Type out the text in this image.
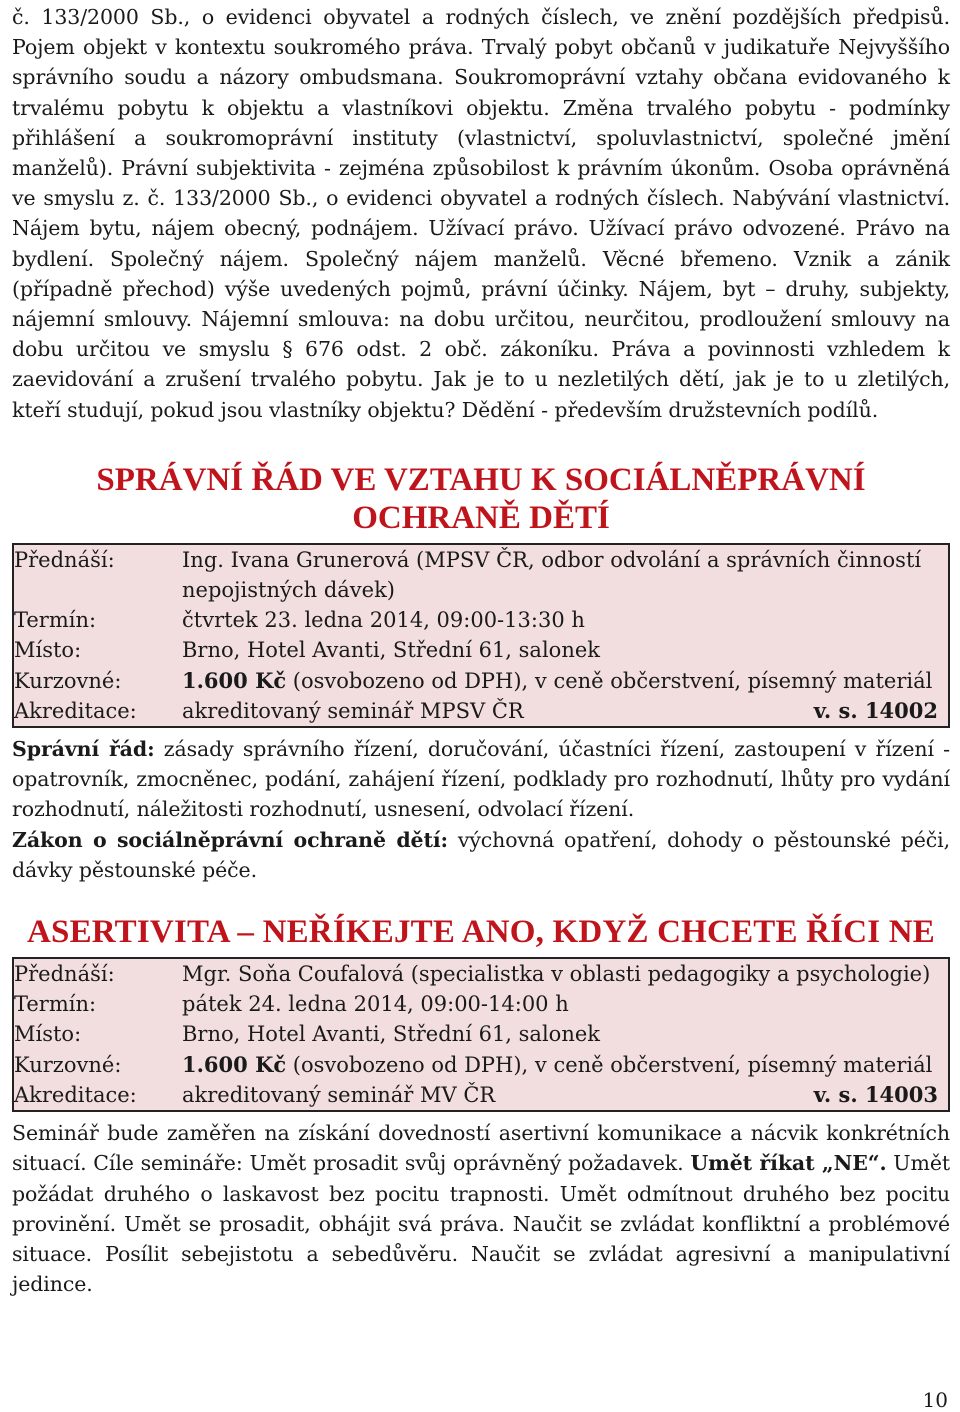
č. 133/2000 Sb., o evidenci obyvatel a rodných číslech, ve znění pozdějších předpisů. Pojem objekt v kontextu soukromého práva. Trvalý pobyt občanů v judikatuře Nejvyššího správního soudu a názory ombudsmana. Soukromoprávní vztahy občana evidovaného k trvalému pobytu k objektu a vlastníkovi objektu. Změna trvalého pobytu - podmínky přihlášení a soukromoprávní instituty (vlastnictví, spoluvlastnictví, společné jmění manželů). Právní subjektivita - zejména způsobilost k právním úkonům. Osoba oprávněná ve smyslu z. č. 133/2000 Sb., o evidenci obyvatel a rodných číslech. Nabývání vlastnictví. Nájem bytu, nájem obecný, podnájem. Užívací právo. Užívací právo odvozené. Právo na bydlení. Společný nájem. Společný nájem manželů. Věcné břemeno. Vznik a zánik (případně přechod) výše uvedených pojmů, právní účinky. Nájem, byt – druhy, subjekty, nájemní smlouvy. Nájemní smlouva: na dobu určitou, neurčitou, prodloužení smlouvy na dobu určitou ve smyslu § 676 odst. 2 obč. zákoníku. Práva a povinnosti vzhledem k zaevidování a zrušení trvalého pobytu. Jak je to u nezletilých dětí, jak je to u zletilých, kteří studují, pokud jsou vlastníky objektu? Dědění - především družstevních podílů.

SPRÁVNÍ ŘÁD VE VZTAHU K SOCIÁLNĚPRÁVNÍ
OCHRANĚ DĚTÍ
Přednáší:	Ing. Ivana Grunerová (MPSV ČR, odbor odvolání a správních činností nepojistných dávek)
Termín:	čtvrtek 23. ledna 2014, 09:00-13:30 h
Místo:	Brno, Hotel Avanti, Střední 61, salonek
Kurzovné:	1.600 Kč (osvobozeno od DPH), v ceně občerstvení, písemný materiál
Akreditace:	akreditovaný seminář MPSV ČR	v. s. 14002

Správní řád: zásady správního řízení, doručování, účastníci řízení, zastoupení v řízení - opatrovník, zmocněnec, podání, zahájení řízení, podklady pro rozhodnutí, lhůty pro vydání rozhodnutí, náležitosti rozhodnutí, usnesení, odvolací řízení.
Zákon o sociálněprávní ochraně dětí: výchovná opatření, dohody o pěstounské péči, dávky pěstounské péče.

ASERTIVITA – NEŘÍKEJTE ANO, KDYŽ CHCETE ŘÍCI NE
Přednáší:	Mgr. Soňa Coufalová (specialistka v oblasti pedagogiky a psychologie)
Termín:	pátek 24. ledna 2014, 09:00-14:00 h
Místo:	Brno, Hotel Avanti, Střední 61, salonek
Kurzovné:	1.600 Kč (osvobozeno od DPH), v ceně občerstvení, písemný materiál
Akreditace:	akreditovaný seminář MV ČR	v. s. 14003

Seminář bude zaměřen na získání dovedností asertivní komunikace a nácvik konkrétních situací. Cíle semináře: Umět prosadit svůj oprávněný požadavek. Umět říkat „NE“. Umět požádat druhého o laskavost bez pocitu trapnosti. Umět odmítnout druhého bez pocitu provinění. Umět se prosadit, obhájit svá práva. Naučit se zvládat konfliktní a problémové situace. Posílit sebejistotu a sebedůvěru. Naučit se zvládat agresivní a manipulativní jedince.

10
